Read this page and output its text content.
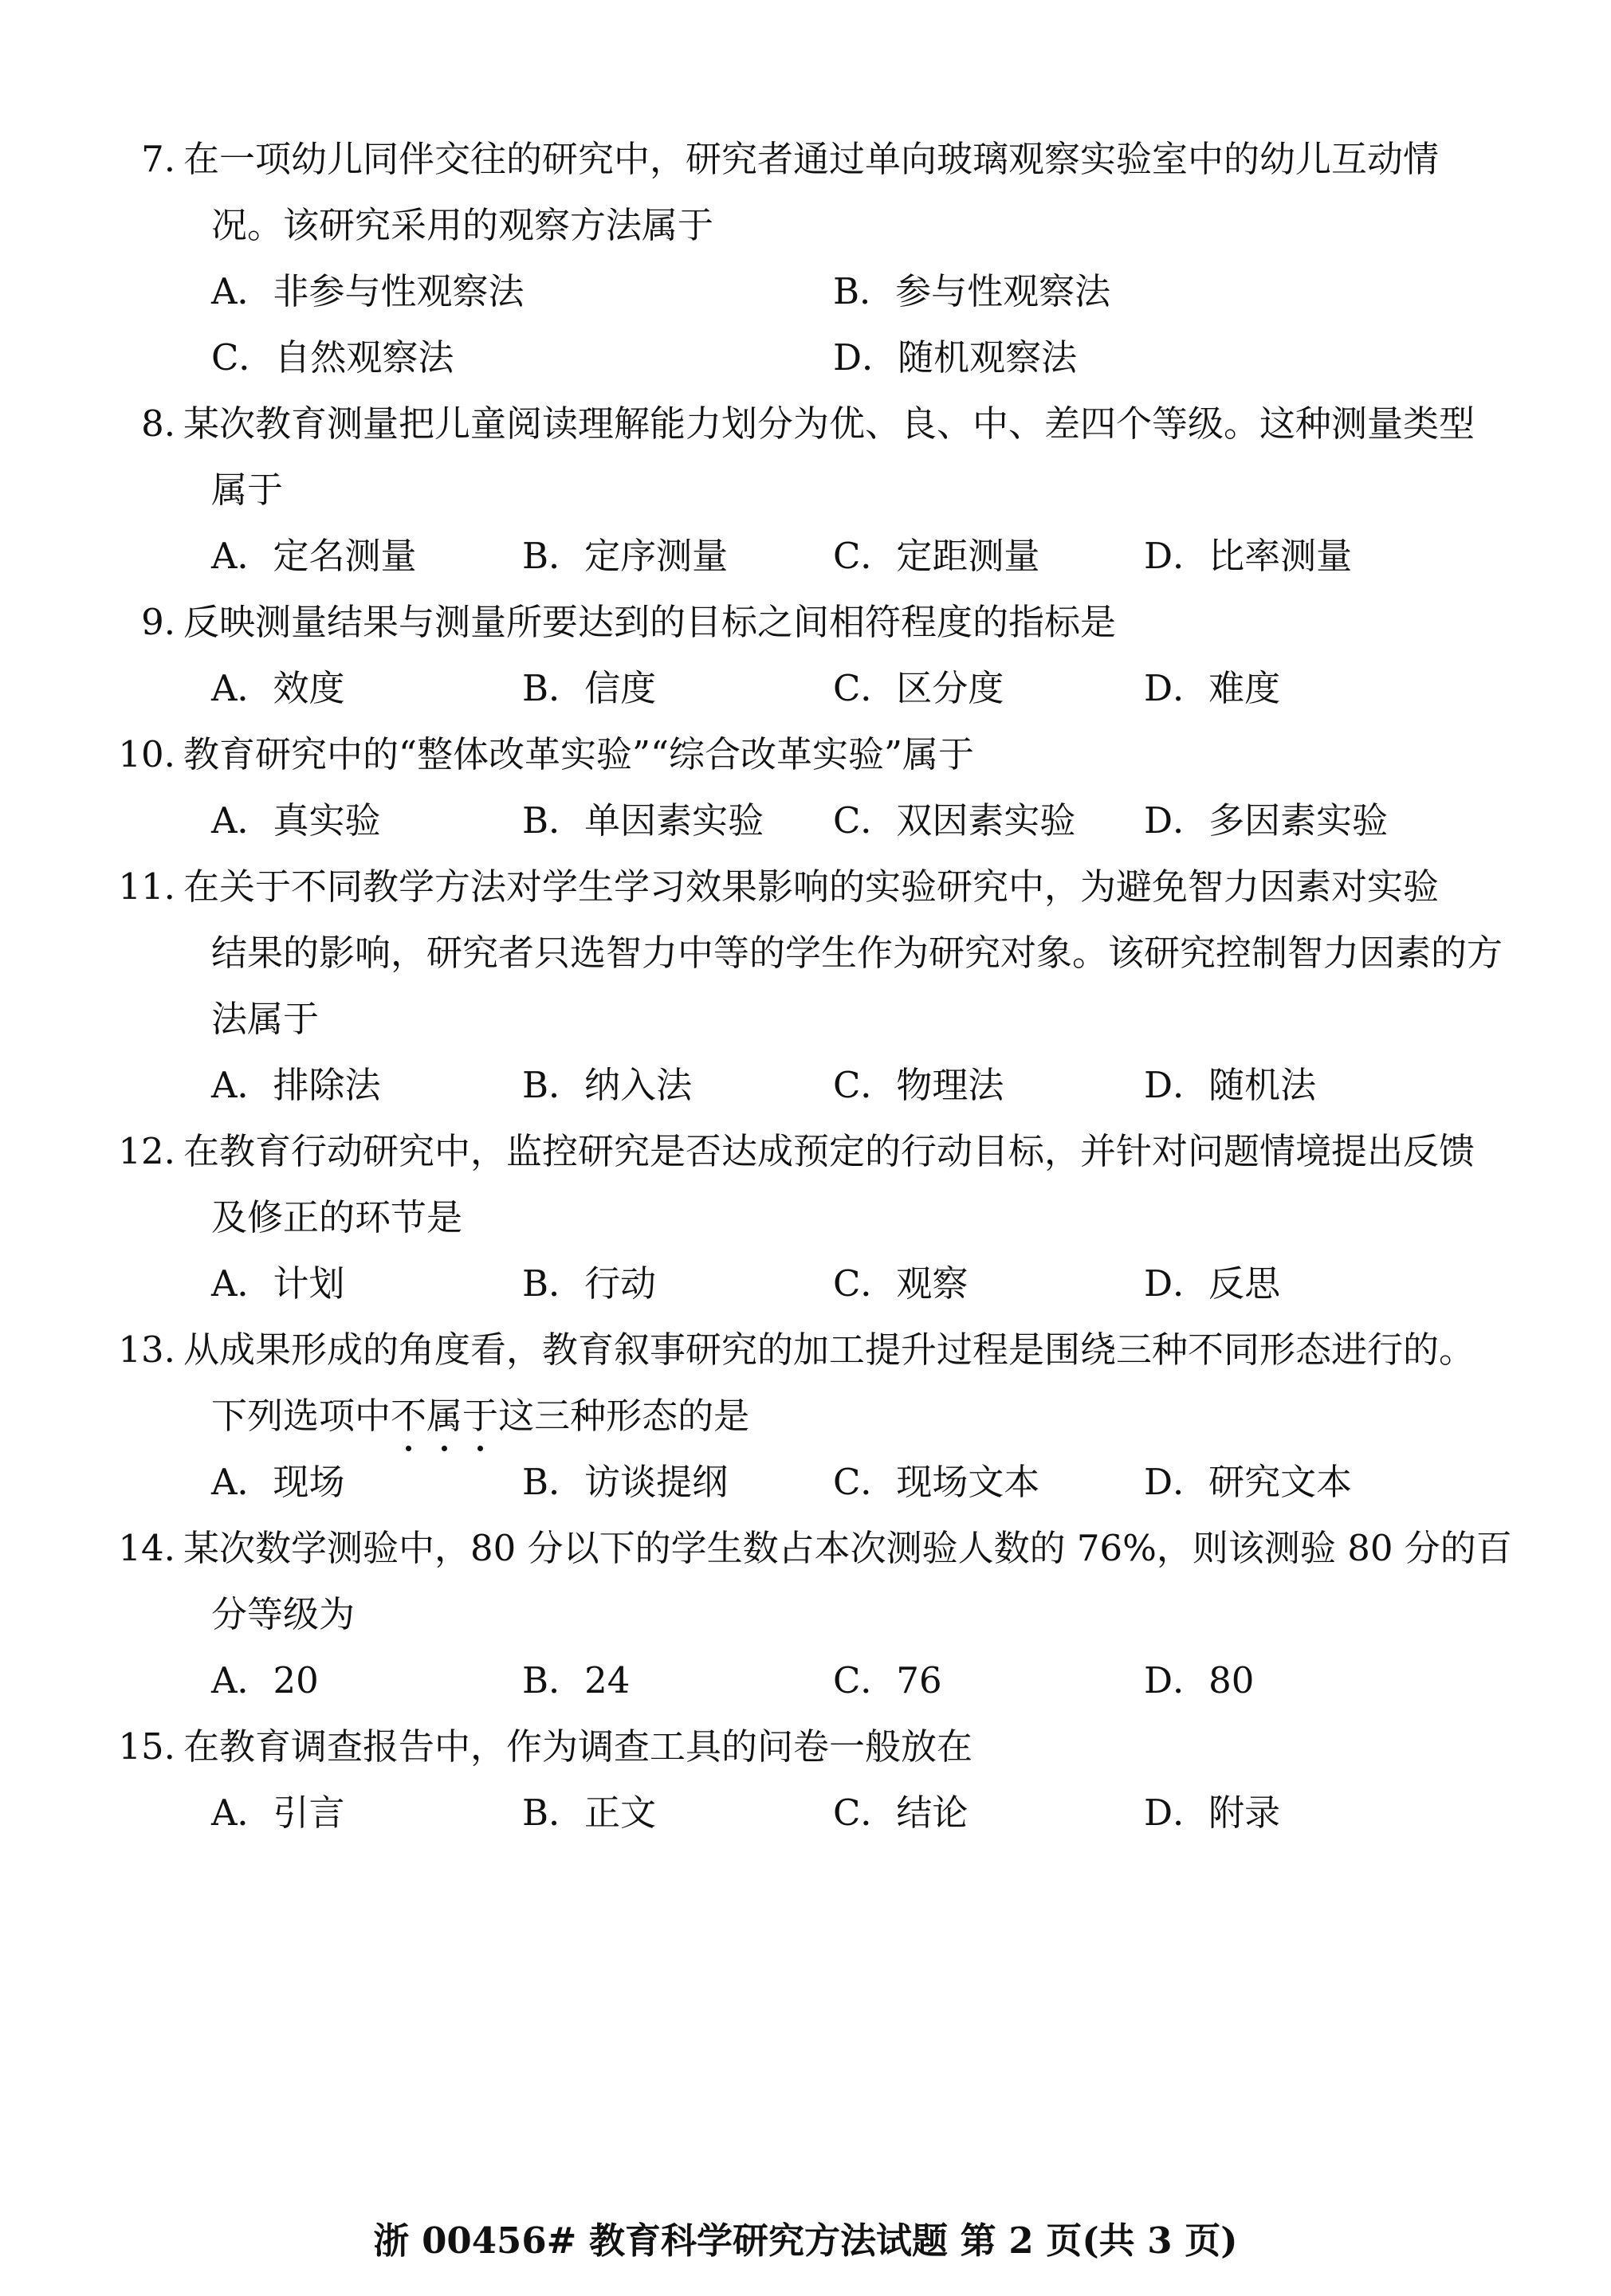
7. 在一项幼儿同伴交往的研究中，研究者通过单向玻璃观察实验室中的幼儿互动情
况。该研究采用的观察方法属于
A．非参与性观察法	B．参与性观察法
C．自然观察法	D．随机观察法
8. 某次教育测量把儿童阅读理解能力划分为优、良、中、差四个等级。这种测量类型
属于
A．定名测量	B．定序测量	C．定距测量	D．比率测量
9. 反映测量结果与测量所要达到的目标之间相符程度的指标是
A．效度	B．信度	C．区分度	D．难度
10. 教育研究中的“整体改革实验”“综合改革实验”属于
A．真实验	B．单因素实验 C．双因素实验 D．多因素实验
11. 在关于不同教学方法对学生学习效果影响的实验研究中，为避免智力因素对实验
结果的影响，研究者只选智力中等的学生作为研究对象。该研究控制智力因素的方
法属于
A．排除法	B．纳入法	C．物理法	D．随机法
12. 在教育行动研究中，监控研究是否达成预定的行动目标，并针对问题情境提出反馈
及修正的环节是
A．计划	B．行动	C．观察	D．反思
13. 从成果形成的角度看，教育叙事研究的加工提升过程是围绕三种不同形态进行的。
下列选项中不属于这三种形态的是
A．现场	B．访谈提纲	C．现场文本	D．研究文本
14. 某次数学测验中，80 分以下的学生数占本次测验人数的 76%，则该测验 80 分的百
分等级为
A．20	B．24	C．76	D．80
15. 在教育调查报告中，作为调查工具的问卷一般放在
A．引言	B．正文	C．结论	D．附录
浙 00456# 教育科学研究方法试题 第 2 页(共 3 页)
